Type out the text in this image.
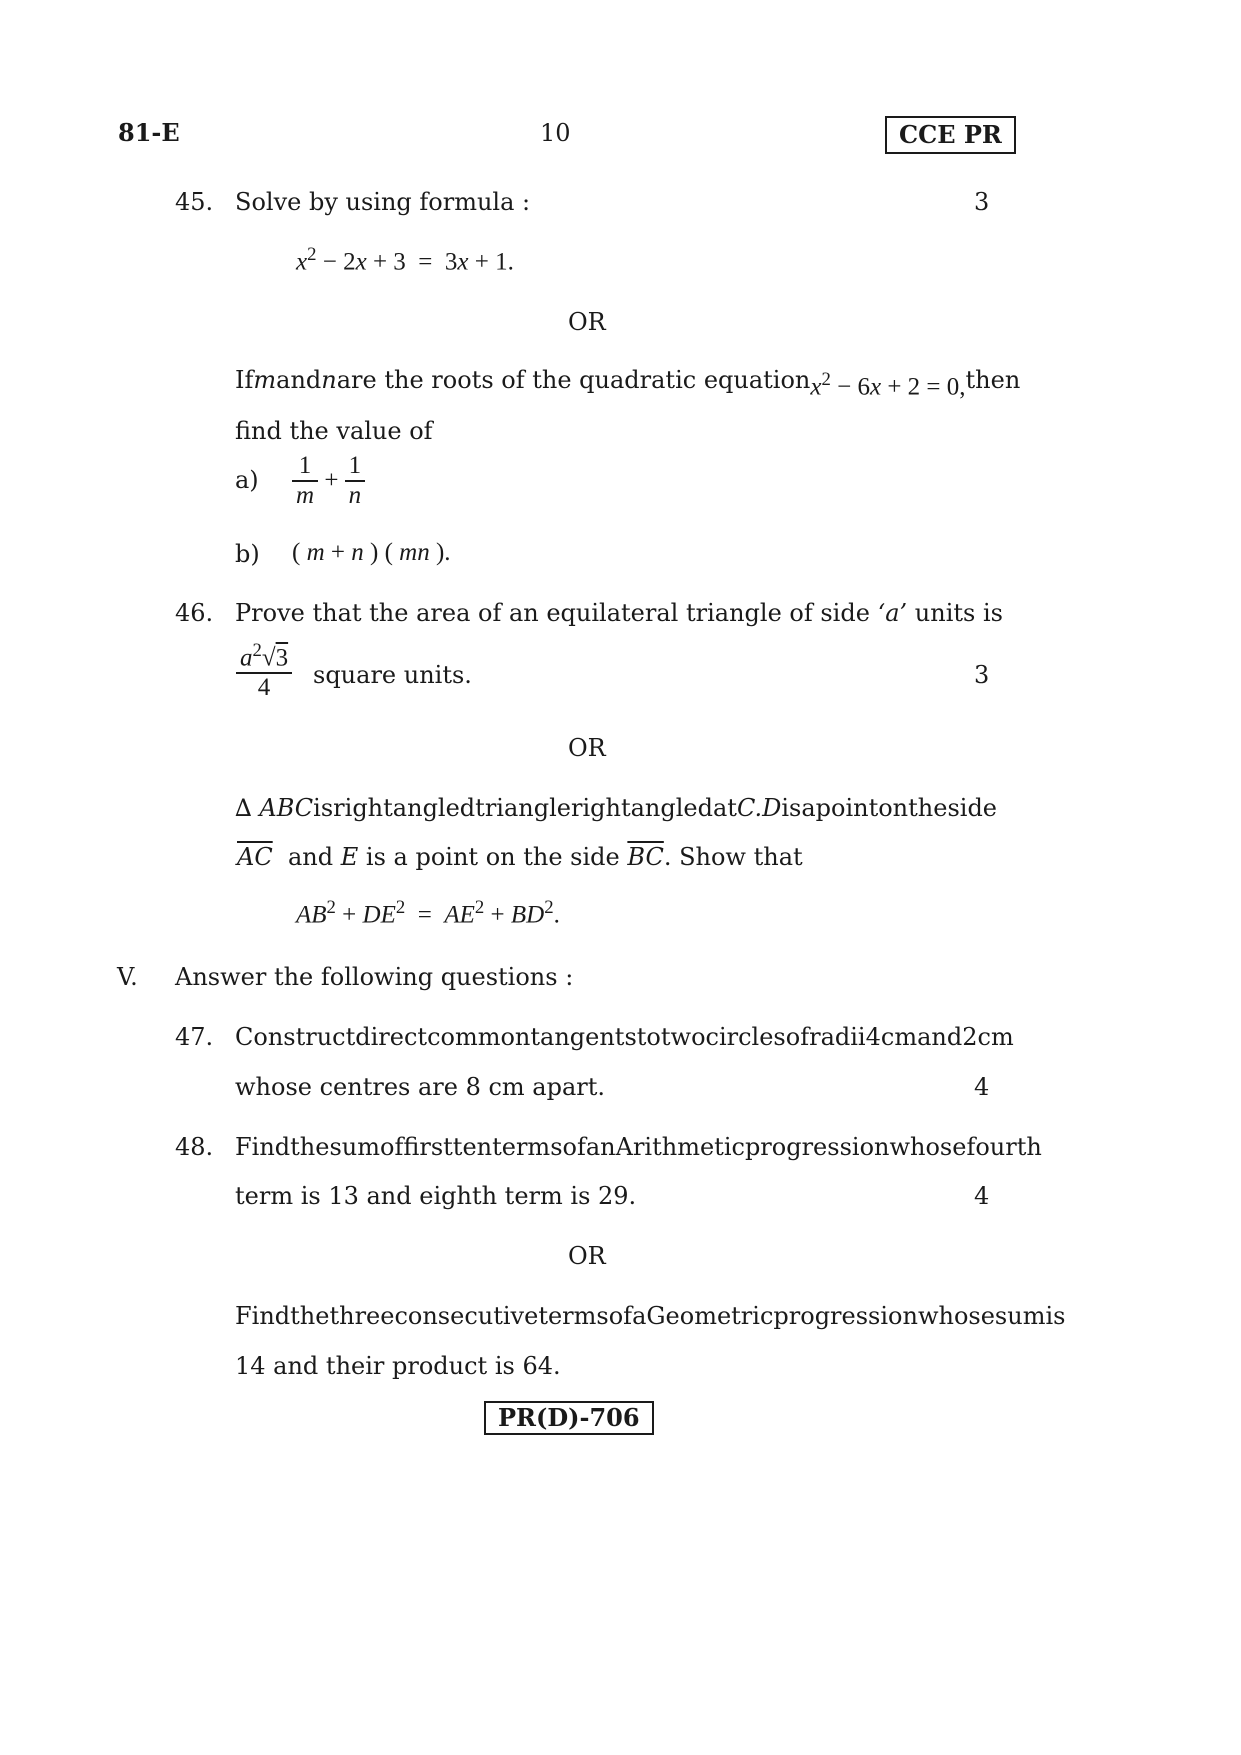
81-E	10	CCE PR
45. Solve by using formula :	3
$x^2 - 2x + 3 = 3x + 1$.
OR
If m and n are the roots of the quadratic equation $x^2 - 6x + 2 = 0$, then
find the value of
$a) \frac{1}{m} + \frac{1}{n}$
b) ( m + n ) ( mn ).
46. Prove that the area of an equilateral triangle of side ‘a’ units is
$\frac{a^2√3}{4}$ square units.	3
OR
∆ ABC is right angled triangle right angled at C. D is a point on the side
$\overline{AC}$ and E is a point on the side $\overline{BC}$. Show that
$AB^2 + DE^2 = AE^2 + BD^2$.
V. Answer the following questions :
47. Construct direct common tangents to two circles of radii 4 cm and 2 cm
whose centres are 8 cm apart.	4
48. Find the sum of first ten terms of an Arithmetic progression whose fourth
term is 13 and eighth term is 29.	4
OR
Find the three consecutive terms of a Geometric progression whose sum is
14 and their product is 64.
PR(D)-706
